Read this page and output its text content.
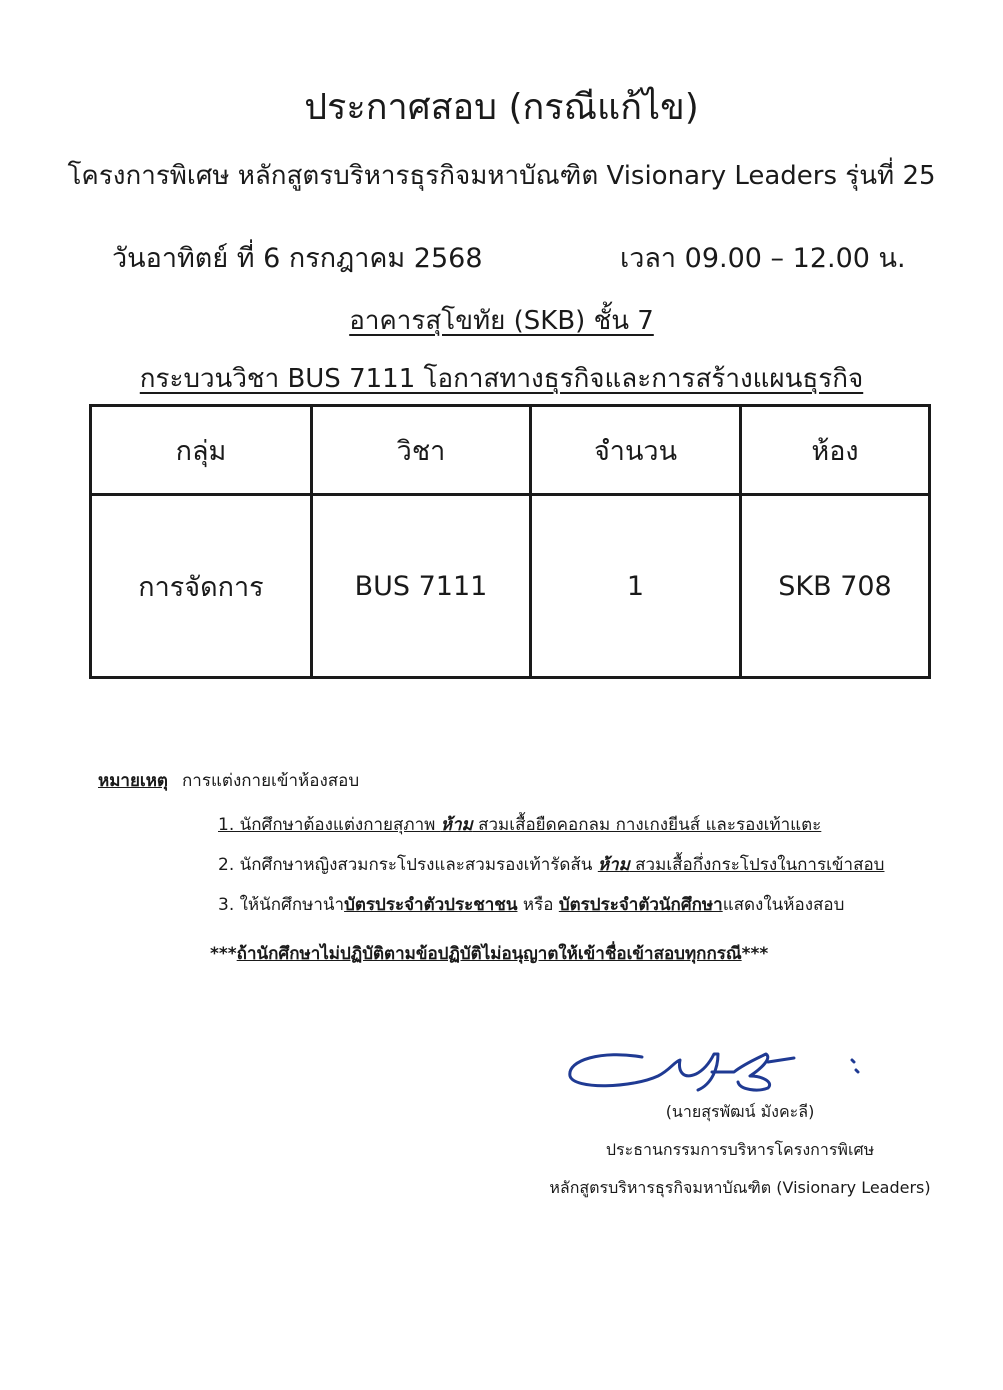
ประกาศสอบ (กรณีแก้ไข)
โครงการพิเศษ หลักสูตรบริหารธุรกิจมหาบัณฑิต Visionary Leaders รุ่นที่ 25
วันอาทิตย์ ที่ 6 กรกฎาคม 2568	เวลา 09.00 – 12.00 น.
อาคารสุโขทัย (SKB) ชั้น 7
กระบวนวิชา BUS 7111 โอกาสทางธุรกิจและการสร้างแผนธุรกิจ
กลุ่ม	วิชา	จำนวน	ห้อง
การจัดการ	BUS 7111	1	SKB 708
หมายเหตุ การแต่งกายเข้าห้องสอบ
1. นักศึกษาต้องแต่งกายสุภาพ ห้าม สวมเสื้อยืดคอกลม กางเกงยีนส์ และรองเท้าแตะ
2. นักศึกษาหญิงสวมกระโปรงและสวมรองเท้ารัดส้น ห้าม สวมเสื้อกึ่งกระโปรงในการเข้าสอบ
3. ให้นักศึกษานำบัตรประจำตัวประชาชน หรือ บัตรประจำตัวนักศึกษาแสดงในห้องสอบ
***ถ้านักศึกษาไม่ปฏิบัติตามข้อปฏิบัติไม่อนุญาตให้เข้าชื่อเข้าสอบทุกกรณี***
(นายสุรพัฒน์ มังคะลี)
ประธานกรรมการบริหารโครงการพิเศษ
หลักสูตรบริหารธุรกิจมหาบัณฑิต (Visionary Leaders)
